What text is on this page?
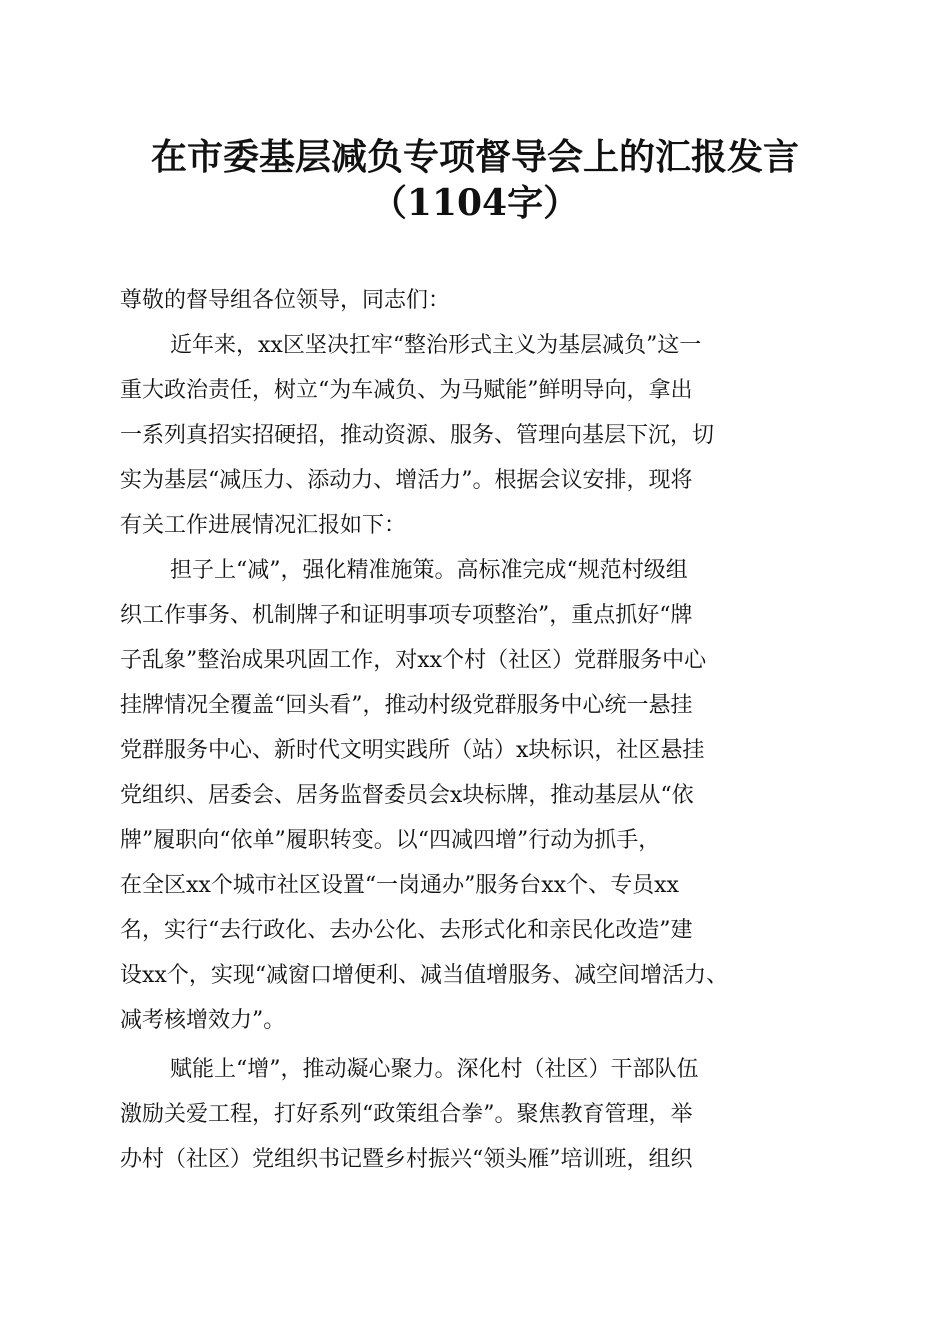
在市委基层减负专项督导会上的汇报发言
（1104字）
尊敬的督导组各位领导，同志们：
近年来，xx区坚决扛牢“整治形式主义为基层减负”这一
重大政治责任，树立“为车减负、为马赋能”鲜明导向，拿出
一系列真招实招硬招，推动资源、服务、管理向基层下沉，切
实为基层“减压力、添动力、增活力”。根据会议安排，现将
有关工作进展情况汇报如下：
担子上“减”，强化精准施策。高标准完成“规范村级组
织工作事务、机制牌子和证明事项专项整治”，重点抓好“牌
子乱象”整治成果巩固工作，对xx个村（社区）党群服务中心
挂牌情况全覆盖“回头看”，推动村级党群服务中心统一悬挂
党群服务中心、新时代文明实践所（站）x块标识，社区悬挂
党组织、居委会、居务监督委员会x块标牌，推动基层从“依
牌”履职向“依单”履职转变。以“四减四增”行动为抓手，
在全区xx个城市社区设置“一岗通办”服务台xx个、专员xx
名，实行“去行政化、去办公化、去形式化和亲民化改造”建
设xx个，实现“减窗口增便利、减当值增服务、减空间增活力、
减考核增效力”。
赋能上“增”，推动凝心聚力。深化村（社区）干部队伍
激励关爱工程，打好系列“政策组合拳”。聚焦教育管理，举
办村（社区）党组织书记暨乡村振兴“领头雁”培训班，组织
